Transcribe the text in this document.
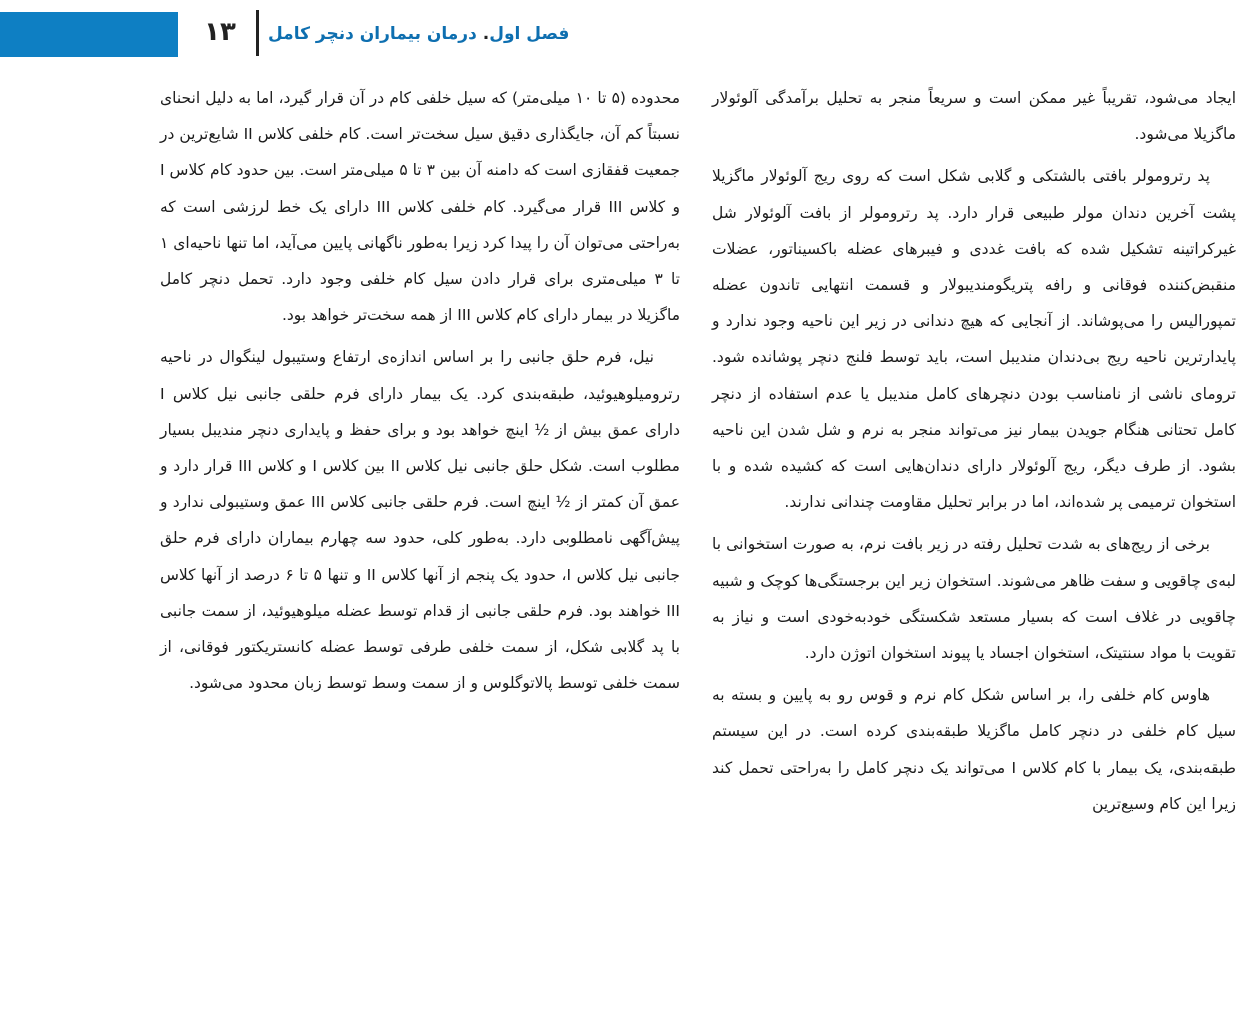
۱۳	فصل اول. درمان بیماران دنچر کامل

ایجاد می‌شود، تقریباً غیر ممکن است و سریعاً منجر به تحلیل برآمدگی آلوئولار ماگزیلا می‌شود.

پد رترومولر بافتی بالشتکی و گلابی شکل است که روی ریج آلوئولار ماگزیلا پشت آخرین دندان مولر طبیعی قرار دارد. پد رترومولر از بافت آلوئولار شل غیرکراتینه تشکیل شده که بافت غددی و فیبرهای عضله باکسیناتور، عضلات منقبض‌کننده فوقانی و رافه پتریگومندیبولار و قسمت انتهایی تاندون عضله تمپورالیس را می‌پوشاند. از آنجایی که هیچ دندانی در زیر این ناحیه وجود ندارد و پایدارترین ناحیه ریج بی‌دندان مندیبل است، باید توسط فلنج دنچر پوشانده شود. ترومای ناشی از نامناسب بودن دنچرهای کامل مندیبل یا عدم استفاده از دنچر کامل تحتانی هنگام جویدن بیمار نیز می‌تواند منجر به نرم و شل شدن این ناحیه بشود. از طرف دیگر، ریج آلوئولار دارای دندان‌هایی است که کشیده شده و با استخوان ترمیمی پر شده‌اند، اما در برابر تحلیل مقاومت چندانی ندارند.

برخی از ریج‌های به شدت تحلیل رفته در زیر بافت نرم، به صورت استخوانی با لبه‌ی چاقویی و سفت ظاهر می‌شوند. استخوان زیر این برجستگی‌ها کوچک و شبیه چاقویی در غلاف است که بسیار مستعد شکستگی خودبه‌خودی است و نیاز به تقویت با مواد سنتیتک، استخوان اجساد یا پیوند استخوان اتوژن دارد.

هاوس کام خلفی را، بر اساس شکل کام نرم و قوس رو به پایین و بسته به سیل کام خلفی در دنچر کامل ماگزیلا طبقه‌بندی کرده است. در این سیستم طبقه‌بندی، یک بیمار با کام کلاس I می‌تواند یک دنچر کامل را به‌راحتی تحمل کند زیرا این کام وسیع‌ترین

محدوده (۵ تا ۱۰ میلی‌متر) که سیل خلفی کام در آن قرار گیرد، اما به دلیل انحنای نسبتاً کم آن، جایگذاری دقیق سیل سخت‌تر است. کام خلفی کلاس II شایع‌ترین در جمعیت قفقازی است که دامنه آن بین ۳ تا ۵ میلی‌متر است. بین حدود کام کلاس I و کلاس III قرار می‌گیرد. کام خلفی کلاس III دارای یک خط لرزشی است که به‌راحتی می‌توان آن را پیدا کرد زیرا به‌طور ناگهانی پایین می‌آید، اما تنها ناحیه‌ای ۱ تا ۳ میلی‌متری برای قرار دادن سیل کام خلفی وجود دارد. تحمل دنچر کامل ماگزیلا در بیمار دارای کام کلاس III از همه سخت‌تر خواهد بود.

نیل، فرم حلق جانبی را بر اساس اندازه‌ی ارتفاع وستیبول لینگوال در ناحیه رترومیلوهیوئید، طبقه‌بندی کرد. یک بیمار دارای فرم حلقی جانبی نیل کلاس I دارای عمق بیش از ½ اینچ خواهد بود و برای حفظ و پایداری دنچر مندیبل بسیار مطلوب است. شکل حلق جانبی نیل کلاس II بین کلاس I و کلاس III قرار دارد و عمق آن کمتر از ½ اینچ است. فرم حلقی جانبی کلاس III عمق وستیبولی ندارد و پیش‌آگهی نامطلوبی دارد. به‌طور کلی، حدود سه چهارم بیماران دارای فرم حلق جانبی نیل کلاس I، حدود یک پنجم از آنها کلاس II و تنها ۵ تا ۶ درصد از آنها کلاس III خواهند بود. فرم حلقی جانبی از قدام توسط عضله میلوهیوئید، از سمت جانبی با پد گلابی شکل، از سمت خلفی طرفی توسط عضله کانستریکتور فوقانی، از سمت خلفی توسط پالاتوگلوس و از سمت وسط توسط زبان محدود می‌شود.
